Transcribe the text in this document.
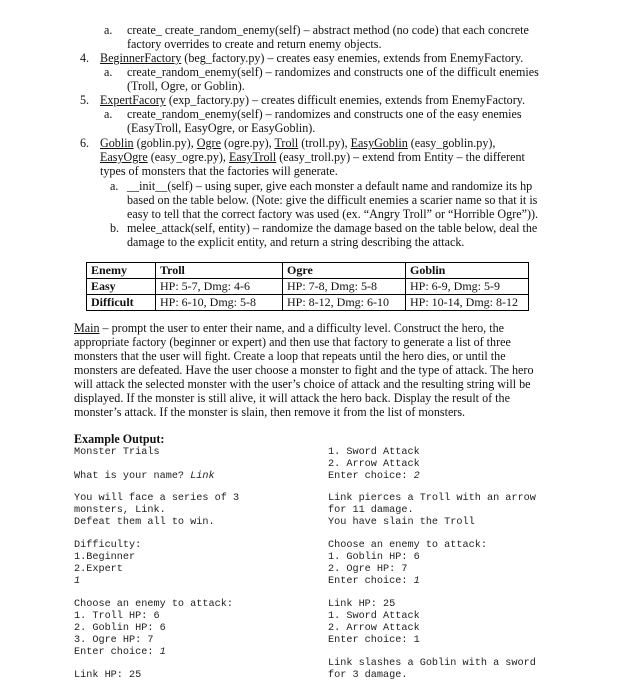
a. create_ create_random_enemy(self) – abstract method (no code) that each concrete
factory overrides to create and return enemy objects.
4. BeginnerFactory (beg_factory.py) – creates easy enemies, extends from EnemyFactory.
a. create_random_enemy(self) – randomizes and constructs one of the difficult enemies
(Troll, Ogre, or Goblin).
5. ExpertFacory (exp_factory.py) – creates difficult enemies, extends from EnemyFactory.
a. create_random_enemy(self) – randomizes and constructs one of the easy enemies
(EasyTroll, EasyOgre, or EasyGoblin).
6. Goblin (goblin.py), Ogre (ogre.py), Troll (troll.py), EasyGoblin (easy_goblin.py),
EasyOgre (easy_ogre.py), EasyTroll (easy_troll.py) – extend from Entity – the different
types of monsters that the factories will generate.
a. __init__(self) – using super, give each monster a default name and randomize its hp
based on the table below. (Note: give the difficult enemies a scarier name so that it is
easy to tell that the correct factory was used (ex. “Angry Troll” or “Horrible Ogre”)).
b. melee_attack(self, entity) – randomize the damage based on the table below, deal the
damage to the explicit entity, and return a string describing the attack.
Enemy	Troll	Ogre	Goblin
Easy	HP: 5-7, Dmg: 4-6	HP: 7-8, Dmg: 5-8	HP: 6-9, Dmg: 5-9
Difficult	HP: 6-10, Dmg: 5-8	HP: 8-12, Dmg: 6-10	HP: 10-14, Dmg: 8-12
Main – prompt the user to enter their name, and a difficulty level. Construct the hero, the
appropriate factory (beginner or expert) and then use that factory to generate a list of three
monsters that the user will fight. Create a loop that repeats until the hero dies, or until the
monsters are defeated. Have the user choose a monster to fight and the type of attack. The hero
will attack the selected monster with the user’s choice of attack and the resulting string will be
displayed. If the monster is still alive, it will attack the hero back. Display the result of the
monster’s attack. If the monster is slain, then remove it from the list of monsters.
Example Output:
Monster Trials
What is your name? Link
You will face a series of 3
monsters, Link.
Defeat them all to win.
Difficulty:
1.Beginner
2.Expert
1
Choose an enemy to attack:
1. Troll HP: 6
2. Goblin HP: 6
3. Ogre HP: 7
Enter choice: 1
Link HP: 25
1. Sword Attack
2. Arrow Attack
Enter choice: 2
Link pierces a Troll with an arrow
for 11 damage.
You have slain the Troll
Choose an enemy to attack:
1. Goblin HP: 6
2. Ogre HP: 7
Enter choice: 1
Link HP: 25
1. Sword Attack
2. Arrow Attack
Enter choice: 1
Link slashes a Goblin with a sword
for 3 damage.
